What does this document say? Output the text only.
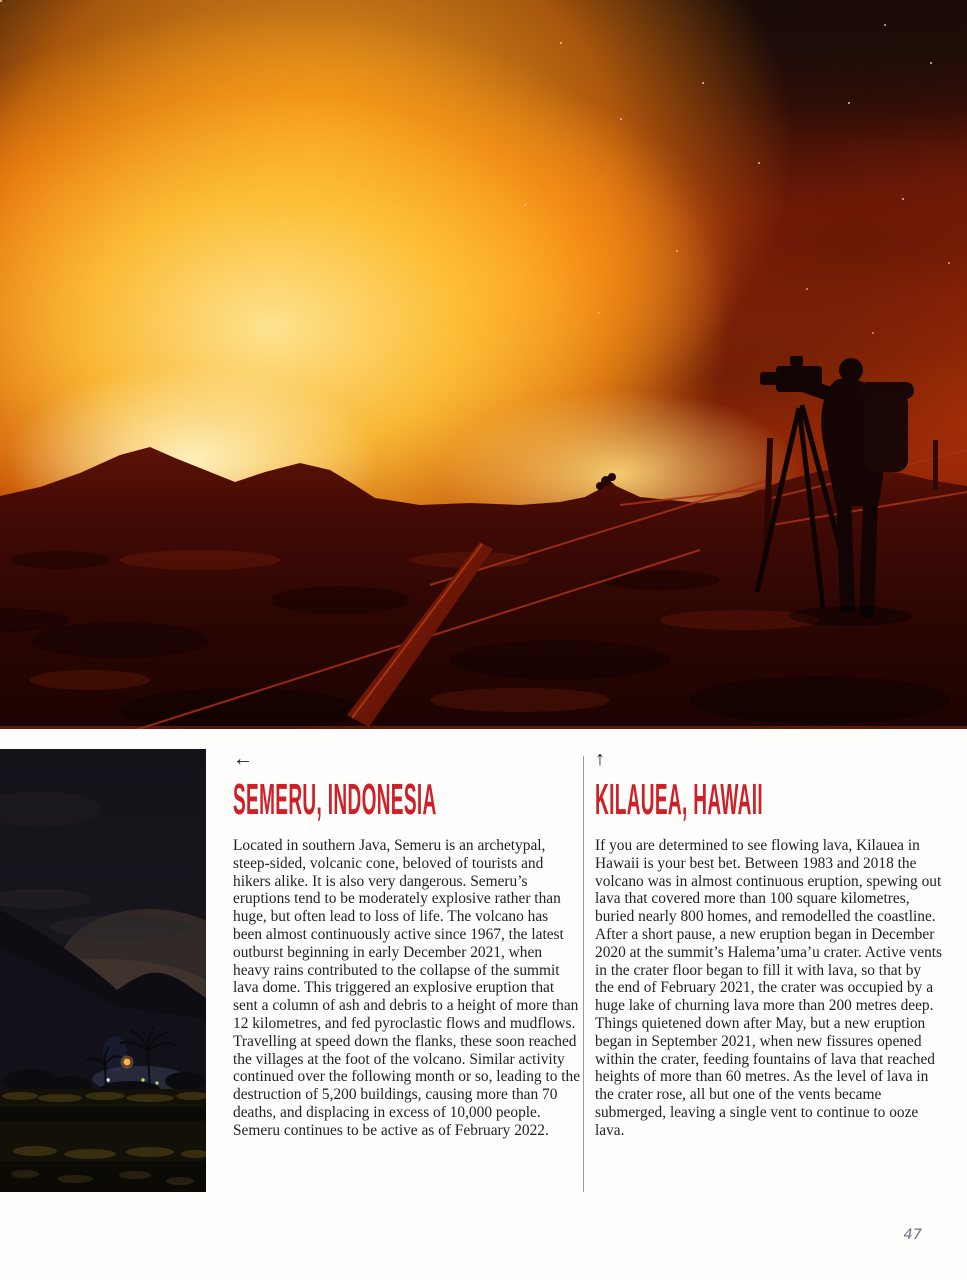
←
SEMERU, INDONESIA

Located in southern Java, Semeru is an archetypal, steep-sided, volcanic cone, beloved of tourists and hikers alike. It is also very dangerous. Semeru’s eruptions tend to be moderately explosive rather than huge, but often lead to loss of life. The volcano has been almost continuously active since 1967, the latest outburst beginning in early December 2021, when heavy rains contributed to the collapse of the summit lava dome. This triggered an explosive eruption that sent a column of ash and debris to a height of more than 12 kilometres, and fed pyroclastic flows and mudflows. Travelling at speed down the flanks, these soon reached the villages at the foot of the volcano. Similar activity continued over the following month or so, leading to the destruction of 5,200 buildings, causing more than 70 deaths, and displacing in excess of 10,000 people. Semeru continues to be active as of February 2022.

↑
KILAUEA, HAWAII

If you are determined to see flowing lava, Kilauea in Hawaii is your best bet. Between 1983 and 2018 the volcano was in almost continuous eruption, spewing out lava that covered more than 100 square kilometres, buried nearly 800 homes, and remodelled the coastline. After a short pause, a new eruption began in December 2020 at the summit’s Halema’uma’u crater. Active vents in the crater floor began to fill it with lava, so that by the end of February 2021, the crater was occupied by a huge lake of churning lava more than 200 metres deep. Things quietened down after May, but a new eruption began in September 2021, when new fissures opened within the crater, feeding fountains of lava that reached heights of more than 60 metres. As the level of lava in the crater rose, all but one of the vents became submerged, leaving a single vent to continue to ooze lava.

47
